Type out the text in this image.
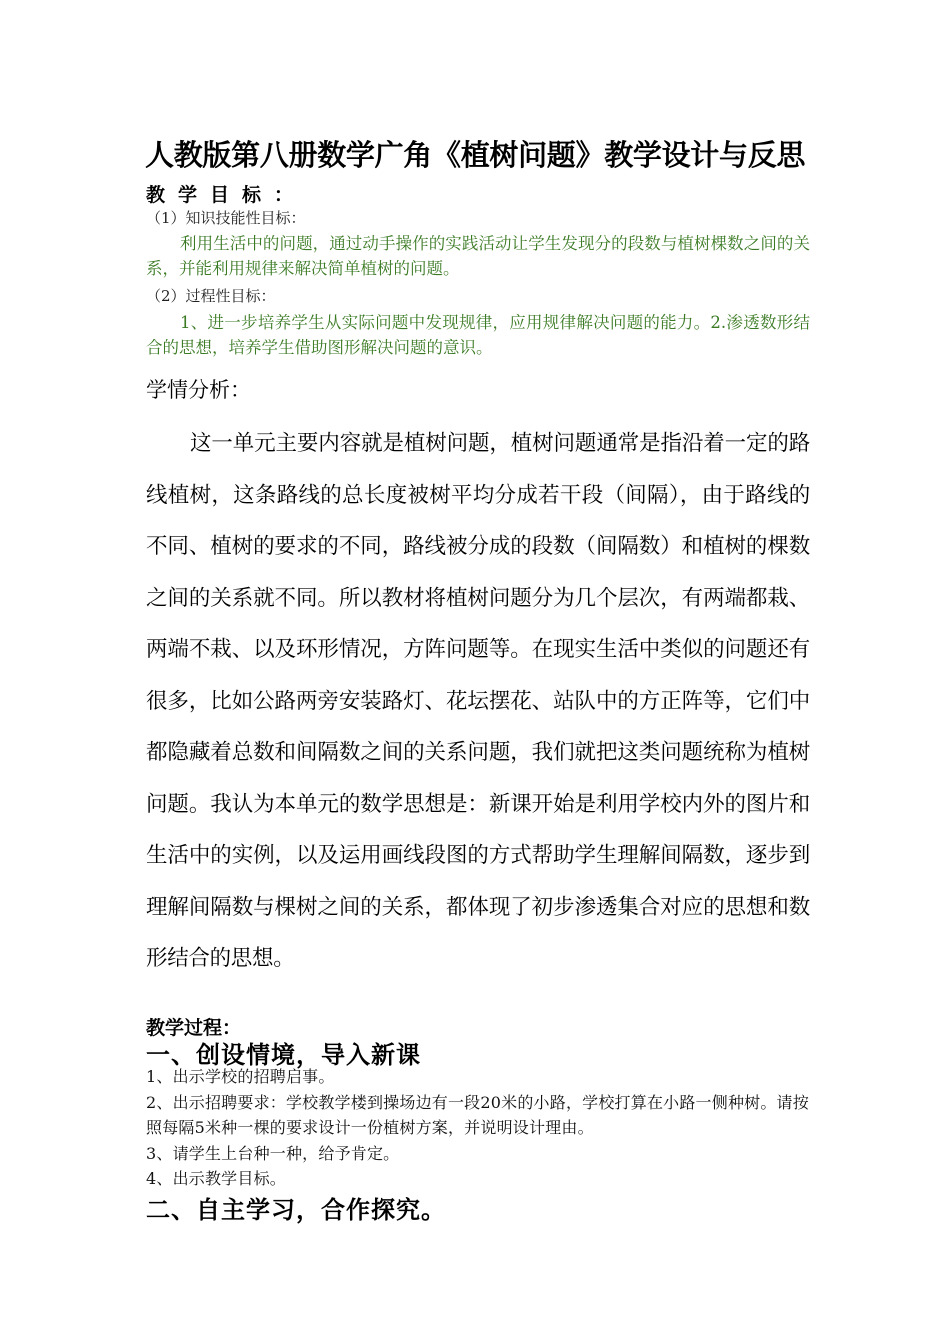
人教版第八册数学广角《植树问题》教学设计与反思
教学目标：
（1）知识技能性目标：
利用生活中的问题，通过动手操作的实践活动让学生发现分的段数与植树棵数之间的关系，并能利用规律来解决简单植树的问题。
（2）过程性目标：
1、进一步培养学生从实际问题中发现规律，应用规律解决问题的能力。2.渗透数形结合的思想，培养学生借助图形解决问题的意识。
学情分析：
这一单元主要内容就是植树问题，植树问题通常是指沿着一定的路线植树，这条路线的总长度被树平均分成若干段（间隔），由于路线的不同、植树的要求的不同，路线被分成的段数（间隔数）和植树的棵数之间的关系就不同。所以教材将植树问题分为几个层次，有两端都栽、两端不栽、以及环形情况，方阵问题等。在现实生活中类似的问题还有很多，比如公路两旁安装路灯、花坛摆花、站队中的方正阵等，它们中都隐藏着总数和间隔数之间的关系问题，我们就把这类问题统称为植树问题。我认为本单元的数学思想是：新课开始是利用学校内外的图片和生活中的实例，以及运用画线段图的方式帮助学生理解间隔数，逐步到理解间隔数与棵树之间的关系，都体现了初步渗透集合对应的思想和数形结合的思想。
教学过程：
一、创设情境，导入新课

1、出示学校的招聘启事。

2、出示招聘要求：学校教学楼到操场边有一段20米的小路，学校打算在小路一侧种树。请按照每隔5米种一棵的要求设计一份植树方案，并说明设计理由。

3、请学生上台种一种，给予肯定。

4、出示教学目标。

二、自主学习，合作探究。
